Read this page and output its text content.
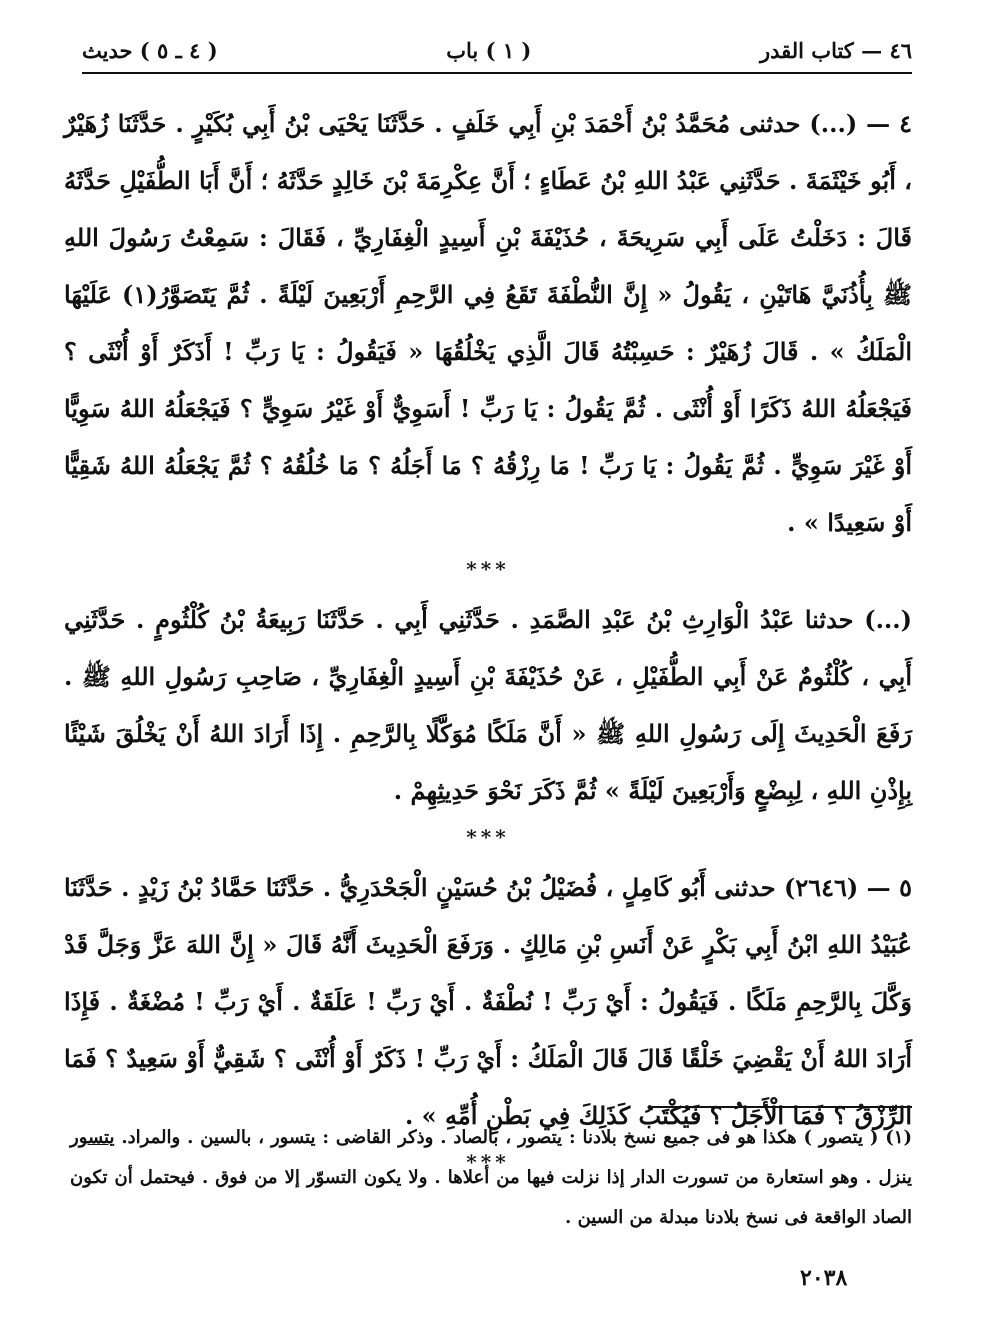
٤٦ — كتاب القدر
( ١ ) باب
( ٤ ـ ٥ ) حديث

٤ — (...) حدثنى مُحَمَّدُ بْنُ أَحْمَدَ بْنِ أَبِي خَلَفٍ . حَدَّثَنَا يَحْيَى بْنُ أَبِي بُكَيْرٍ . حَدَّثَنَا زُهَيْرٌ ، أَبُو خَيْثَمَةَ . حَدَّثَنِي عَبْدُ اللهِ بْنُ عَطَاءٍ ؛ أَنَّ عِكْرِمَةَ بْنَ خَالِدٍ حَدَّثَهُ ؛ أَنَّ أَبَا الطُّفَيْلِ حَدَّثَهُ قَالَ : دَخَلْتُ عَلَى أَبِي سَرِيحَةَ ، حُذَيْفَةَ بْنِ أَسِيدٍ الْغِفَارِيِّ ، فَقَالَ : سَمِعْتُ رَسُولَ اللهِ ﷺ بِأُذُنَيَّ هَاتَيْنِ ، يَقُولُ « إِنَّ النُّطْفَةَ تَقَعُ فِي الرَّحِمِ أَرْبَعِينَ لَيْلَةً . ثُمَّ يَتَصَوَّرُ(١) عَلَيْهَا الْمَلَكُ » . قَالَ زُهَيْرٌ : حَسِبْتُهُ قَالَ الَّذِي يَخْلُقُهَا « فَيَقُولُ : يَا رَبِّ ! أَذَكَرٌ أَوْ أُنْثَى ؟ فَيَجْعَلُهُ اللهُ ذَكَرًا أَوْ أُنْثَى . ثُمَّ يَقُولُ : يَا رَبِّ ! أَسَوِيٌّ أَوْ غَيْرُ سَوِيٍّ ؟ فَيَجْعَلُهُ اللهُ سَوِيًّا أَوْ غَيْرَ سَوِيٍّ . ثُمَّ يَقُولُ : يَا رَبِّ ! مَا رِزْقُهُ ؟ مَا أَجَلُهُ ؟ مَا خُلُقُهُ ؟ ثُمَّ يَجْعَلُهُ اللهُ شَقِيًّا أَوْ سَعِيدًا » .

***

(...) حدثنا عَبْدُ الْوَارِثِ بْنُ عَبْدِ الصَّمَدِ . حَدَّثَنِي أَبِي . حَدَّثَنَا رَبِيعَةُ بْنُ كُلْثُومٍ . حَدَّثَنِي أَبِي ، كُلْثُومٌ عَنْ أَبِي الطُّفَيْلِ ، عَنْ حُذَيْفَةَ بْنِ أَسِيدٍ الْغِفَارِيِّ ، صَاحِبِ رَسُولِ اللهِ ﷺ . رَفَعَ الْحَدِيثَ إِلَى رَسُولِ اللهِ ﷺ « أَنَّ مَلَكًا مُوَكَّلًا بِالرَّحِمِ . إِذَا أَرَادَ اللهُ أَنْ يَخْلُقَ شَيْئًا بِإِذْنِ اللهِ ، لِبِضْعٍ وَأَرْبَعِينَ لَيْلَةً » ثُمَّ ذَكَرَ نَحْوَ حَدِيثِهِمْ .

***

٥ — (٢٦٤٦) حدثنى أَبُو كَامِلٍ ، فُضَيْلُ بْنُ حُسَيْنٍ الْجَحْدَرِيُّ . حَدَّثَنَا حَمَّادُ بْنُ زَيْدٍ . حَدَّثَنَا عُبَيْدُ اللهِ ابْنُ أَبِي بَكْرٍ عَنْ أَنَسِ بْنِ مَالِكٍ . وَرَفَعَ الْحَدِيثَ أَنَّهُ قَالَ « إِنَّ اللهَ عَزَّ وَجَلَّ قَدْ وَكَّلَ بِالرَّحِمِ مَلَكًا . فَيَقُولُ : أَيْ رَبِّ ! نُطْفَةٌ . أَيْ رَبِّ ! عَلَقَةٌ . أَيْ رَبِّ ! مُضْغَةٌ . فَإِذَا أَرَادَ اللهُ أَنْ يَقْضِيَ خَلْقًا قَالَ قَالَ الْمَلَكُ : أَيْ رَبِّ ! ذَكَرٌ أَوْ أُنْثَى ؟ شَقِيٌّ أَوْ سَعِيدٌ ؟ فَمَا الرِّزْقُ ؟ فَمَا الْأَجَلُ ؟ فَيُكْتَبُ كَذَلِكَ فِي بَطْنِ أُمِّهِ » .

***
(١) ( يتصور ) هكذا هو فى جميع نسخ بلادنا : يتصور ، بالصاد . وذكر القاضى : يتسور ، بالسين . والمراد. يتسور ينزل . وهو استعارة من تسورت الدار إذا نزلت فيها من أعلاها . ولا يكون التسوّر إلا من فوق . فيحتمل أن تكون الصاد الواقعة فى نسخ بلادنا مبدلة من السين .
٢٠٣٨
